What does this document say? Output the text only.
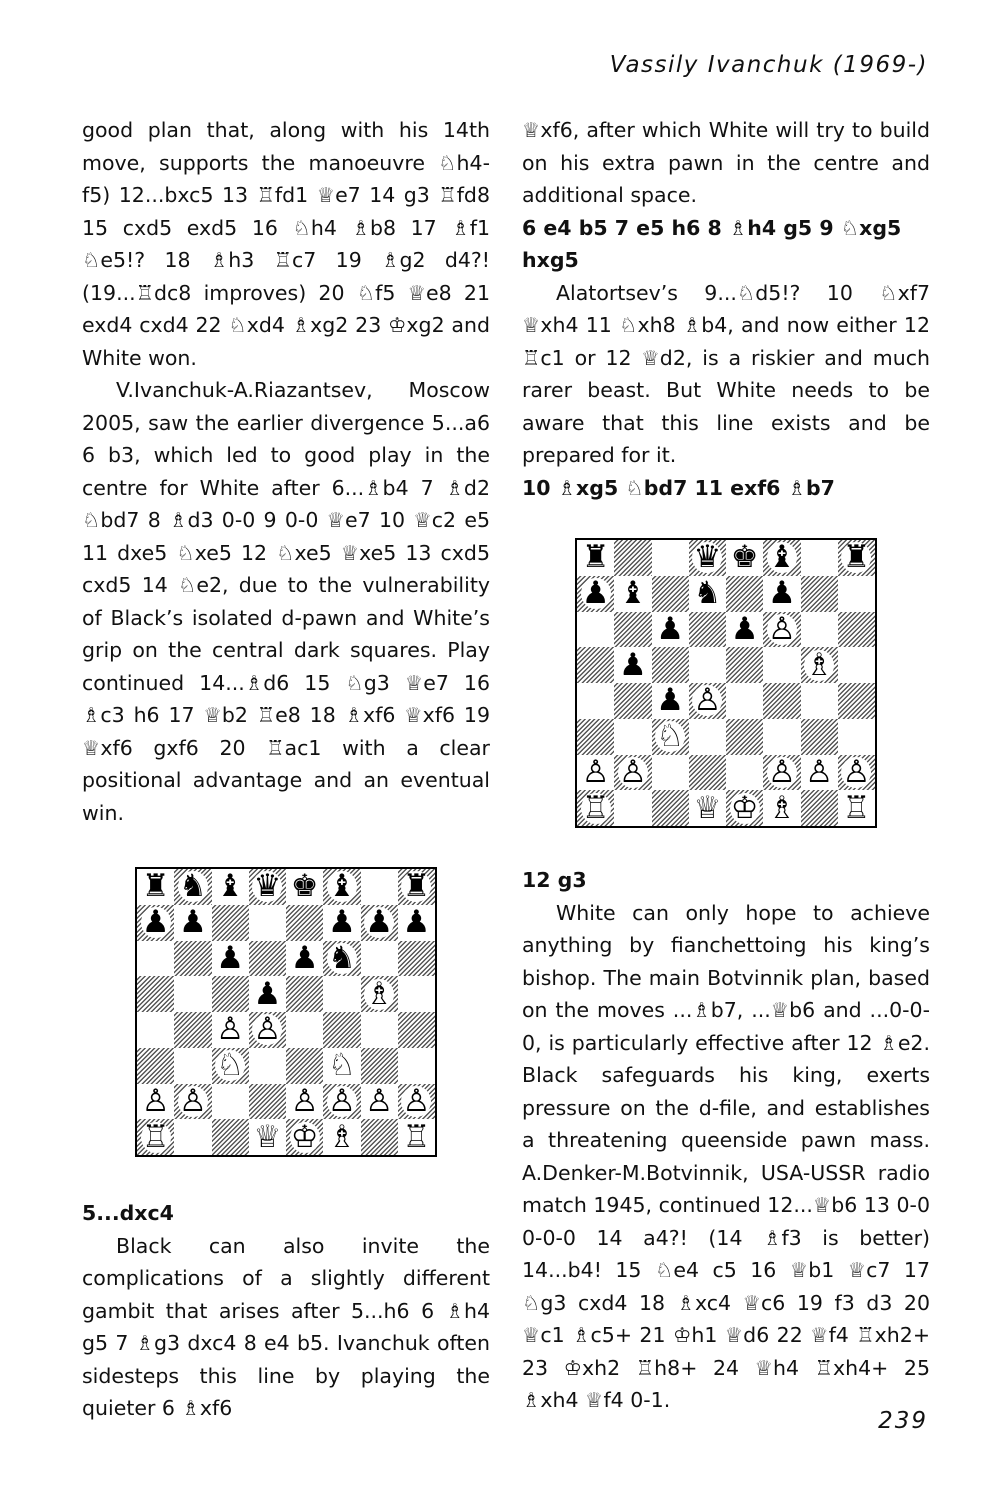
Vassily Ivanchuk (1969-)

good plan that, along with his 14th move, supports the manoeuvre ♘h4-f5) 12...bxc5 13 ♖fd1 ♕e7 14 g3 ♖fd8 15 cxd5 exd5 16 ♘h4 ♗b8 17 ♗f1 ♘e5!? 18 ♗h3 ♖c7 19 ♗g2 d4?! (19...♖dc8 improves) 20 ♘f5 ♕e8 21 exd4 cxd4 22 ♘xd4 ♗xg2 23 ♔xg2 and White won.

V.Ivanchuk-A.Riazantsev, Moscow 2005, saw the earlier divergence 5...a6 6 b3, which led to good play in the centre for White after 6...♗b4 7 ♗d2 ♘bd7 8 ♗d3 0-0 9 0-0 ♕e7 10 ♕c2 e5 11 dxe5 ♘xe5 12 ♘xe5 ♕xe5 13 cxd5 cxd5 14 ♘e2, due to the vulnerability of Black’s isolated d-pawn and White’s grip on the central dark squares. Play continued 14...♗d6 15 ♘g3 ♕e7 16 ♗c3 h6 17 ♕b2 ♖e8 18 ♗xf6 ♕xf6 19 ♕xf6 gxf6 20 ♖ac1 with a clear positional advantage and an eventual win.

♜ ♞ ♝ ♛ ♚ ♝ ♜
♟ ♟	♟ ♟ ♟
♟ ♟ ♞
♟	♗
♙ ♙
♘	♘
♙ ♙	♙ ♙ ♙ ♙
♖	♕ ♔ ♗ ♖
5...dxc4

Black can also invite the complications of a slightly different gambit that arises after 5...h6 6 ♗h4 g5 7 ♗g3 dxc4 8 e4 b5. Ivanchuk often sidesteps this line by playing the quieter 6 ♗xf6

♕xf6, after which White will try to build on his extra pawn in the centre and additional space.

6 e4 b5 7 e5 h6 8 ♗h4 g5 9 ♘xg5 hxg5

Alatortsev’s 9...♘d5!? 10 ♘xf7 ♕xh4 11 ♘xh8 ♗b4, and now either 12 ♖c1 or 12 ♕d2, is a riskier and much rarer beast. But White needs to be aware that this line exists and be prepared for it.

10 ♗xg5 ♘bd7 11 exf6 ♗b7
♜	♛ ♚ ♝ ♜
♟ ♝ ♞ ♟
♟ ♟ ♙
♟	♗
♟ ♙
♘
♙ ♙	♙ ♙ ♙
♖	♕ ♔ ♗ ♖
12 g3

White can only hope to achieve anything by fianchettoing his king’s bishop. The main Botvinnik plan, based on the moves ...♗b7, ...♕b6 and ...0-0-0, is particularly effective after 12 ♗e2. Black safeguards his king, exerts pressure on the d-file, and establishes a threatening queenside pawn mass. A.Denker-M.Botvinnik, USA-USSR radio match 1945, continued 12...♕b6 13 0-0 0-0-0 14 a4?! (14 ♗f3 is better) 14...b4! 15 ♘e4 c5 16 ♕b1 ♕c7 17 ♘g3 cxd4 18 ♗xc4 ♕c6 19 f3 d3 20 ♕c1 ♗c5+ 21 ♔h1 ♕d6 22 ♕f4 ♖xh2+ 23 ♔xh2 ♖h8+ 24 ♕h4 ♖xh4+ 25 ♗xh4 ♕f4 0-1.

239
